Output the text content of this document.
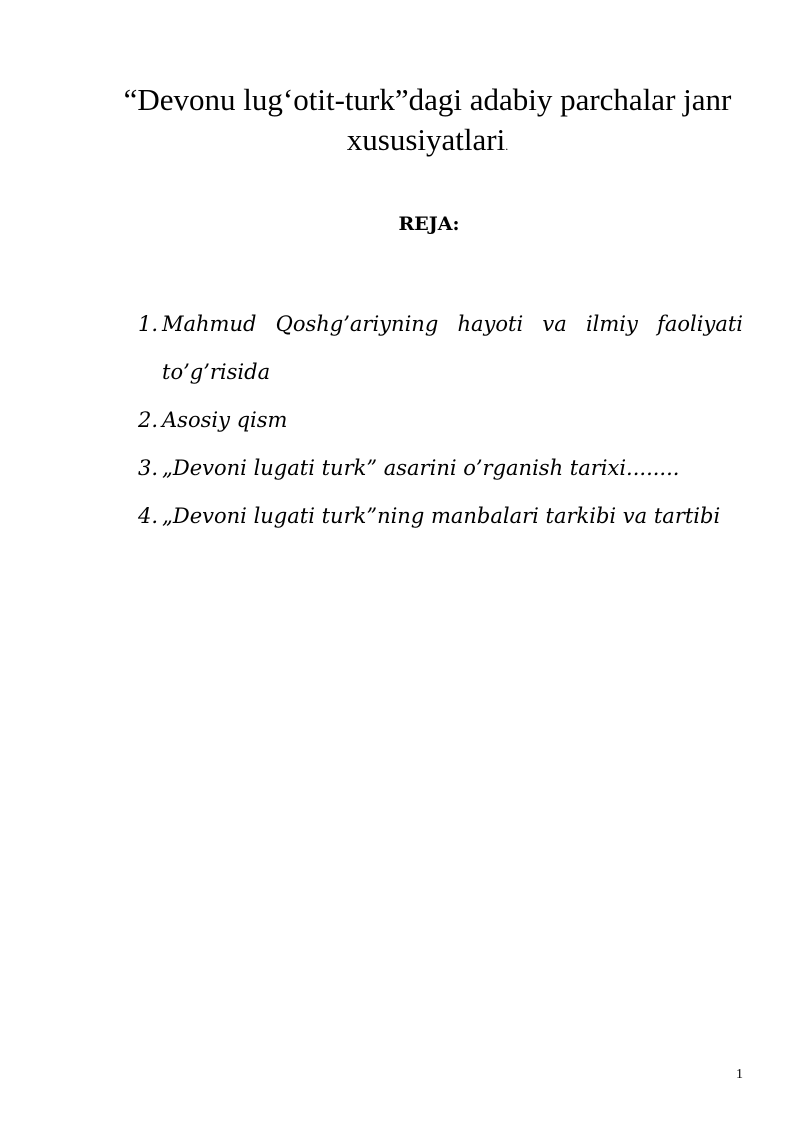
“Devonu lug‘otit-turk”dagi adabiy parchalar janr xususiyatlari.
REJA:
1. Mahmud Qoshg’ariyning hayoti va ilmiy faoliyati to’g’risida
2. Asosiy qism
3. „Devoni lugati turk” asarini o’rganish tarixi........
4. „Devoni lugati turk”ning manbalari tarkibi va tartibi
1
